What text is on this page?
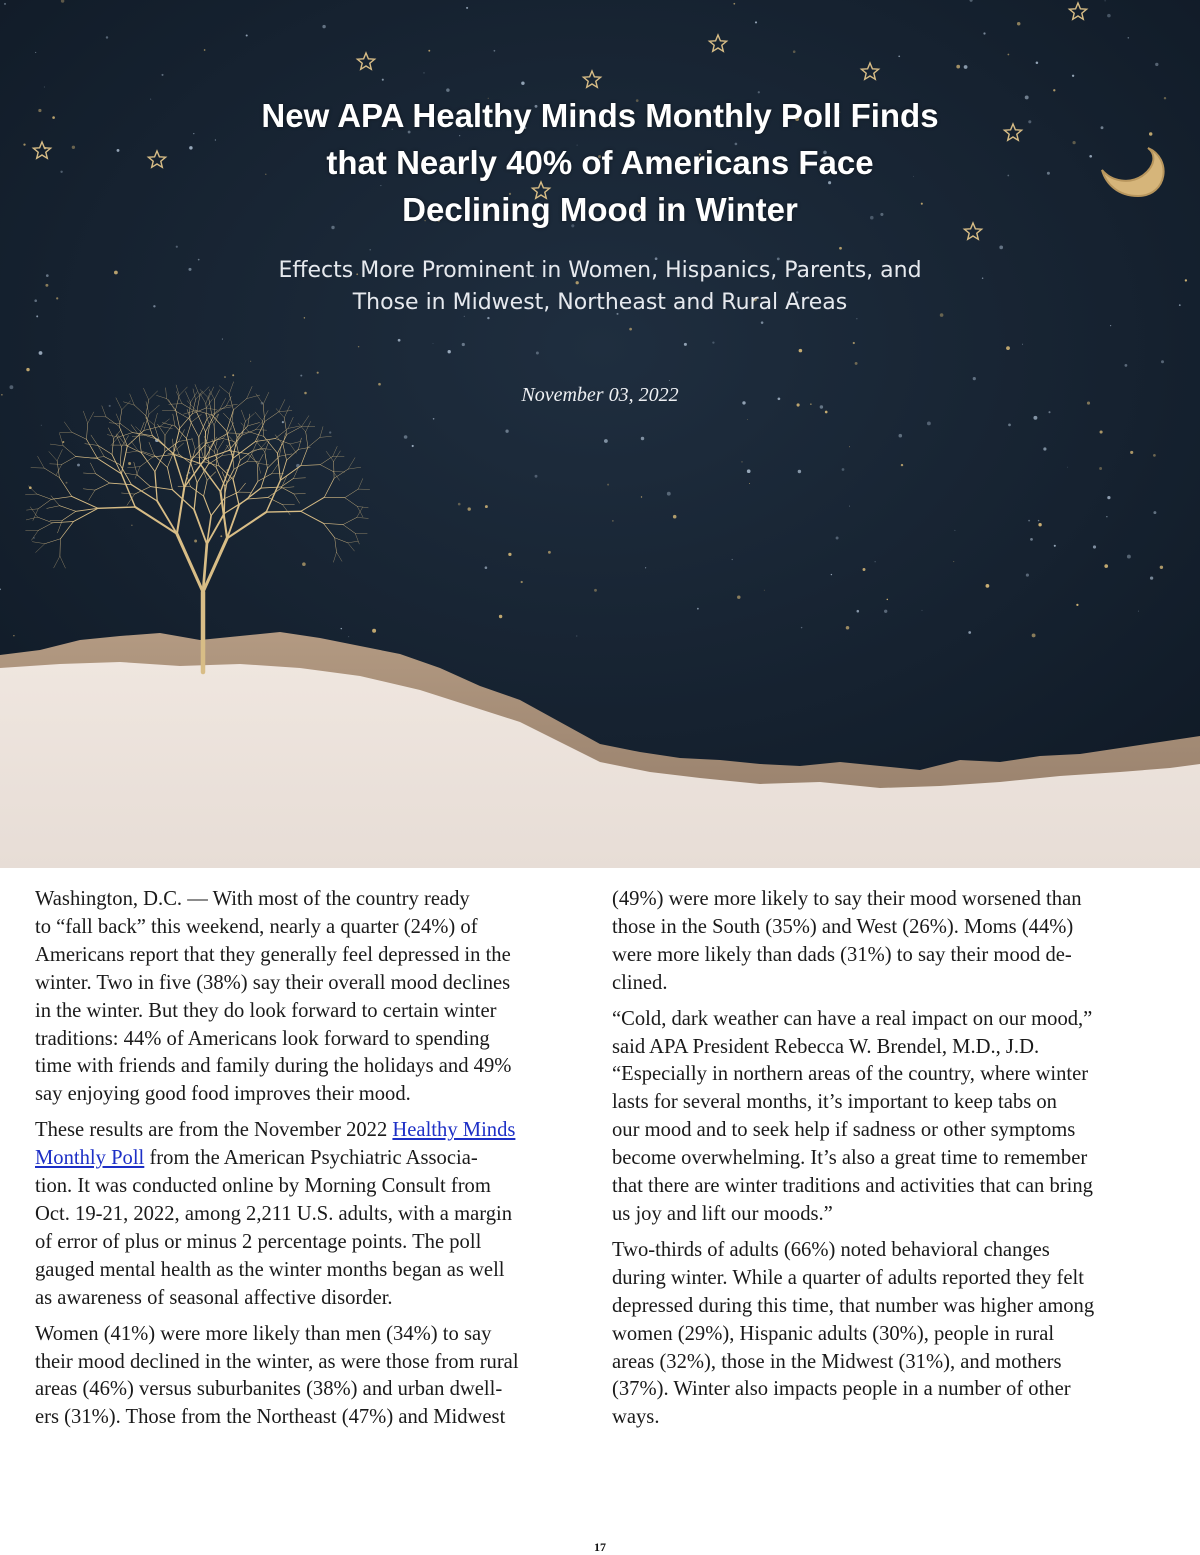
New APA Healthy Minds Monthly Poll Finds
that Nearly 40% of Americans Face
Declining Mood in Winter
Effects More Prominent in Women, Hispanics, Parents, and
Those in Midwest, Northeast and Rural Areas
November 03, 2022

Washington, D.C. — With most of the country ready
to “fall back” this weekend, nearly a quarter (24%) of
Americans report that they generally feel depressed in the
winter. Two in five (38%) say their overall mood declines
in the winter. But they do look forward to certain winter
traditions: 44% of Americans look forward to spending
time with friends and family during the holidays and 49%
say enjoying good food improves their mood.

These results are from the November 2022 Healthy Minds
Monthly Poll from the American Psychiatric Associa-
tion. It was conducted online by Morning Consult from
Oct. 19-21, 2022, among 2,211 U.S. adults, with a margin
of error of plus or minus 2 percentage points. The poll
gauged mental health as the winter months began as well
as awareness of seasonal affective disorder.

Women (41%) were more likely than men (34%) to say
their mood declined in the winter, as were those from rural
areas (46%) versus suburbanites (38%) and urban dwell-
ers (31%). Those from the Northeast (47%) and Midwest

(49%) were more likely to say their mood worsened than
those in the South (35%) and West (26%). Moms (44%)
were more likely than dads (31%) to say their mood de-
clined.

“Cold, dark weather can have a real impact on our mood,”
said APA President Rebecca W. Brendel, M.D., J.D.
“Especially in northern areas of the country, where winter
lasts for several months, it’s important to keep tabs on
our mood and to seek help if sadness or other symptoms
become overwhelming. It’s also a great time to remember
that there are winter traditions and activities that can bring
us joy and lift our moods.”

Two-thirds of adults (66%) noted behavioral changes
during winter. While a quarter of adults reported they felt
depressed during this time, that number was higher among
women (29%), Hispanic adults (30%), people in rural
areas (32%), those in the Midwest (31%), and mothers
(37%). Winter also impacts people in a number of other
ways.

17
